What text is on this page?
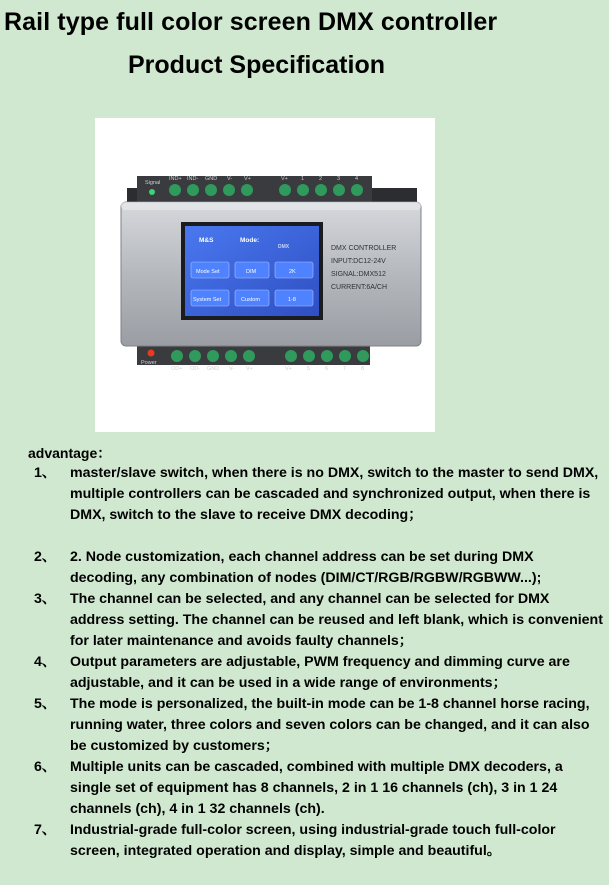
Rail type full color screen DMX controller
Product Specification
Signal
IND+ IND- GND V- V+	V+ 1	2	3	4
M&S	Mode:
DMX
Mode Set	DIM	2K
System Set	Custom	1-8
DMX CONTROLLER
INPUT:DC12-24V
SIGNAL:DMX512
CURRENT:6A/CH
Power
OD+ OD- GND V- V+	V+	5	6	7	8
advantage：
1、 master/slave switch, when there is no DMX, switch to the master to send DMX, multiple controllers can be cascaded and synchronized output, when there is DMX, switch to the slave to receive DMX decoding；
2、 2. Node customization, each channel address can be set during DMX decoding, any combination of nodes (DIM/CT/RGB/RGBW/RGBWW...);
3、 The channel can be selected, and any channel can be selected for DMX address setting. The channel can be reused and left blank, which is convenient for later maintenance and avoids faulty channels；
4、 Output parameters are adjustable, PWM frequency and dimming curve are adjustable, and it can be used in a wide range of environments；
5、 The mode is personalized, the built-in mode can be 1-8 channel horse racing, running water, three colors and seven colors can be changed, and it can also be customized by customers；
6、 Multiple units can be cascaded, combined with multiple DMX decoders, a single set of equipment has 8 channels, 2 in 1 16 channels (ch), 3 in 1 24 channels (ch), 4 in 1 32 channels (ch).
7、 Industrial-grade full-color screen, using industrial-grade touch full-color screen, integrated operation and display, simple and beautiful。
